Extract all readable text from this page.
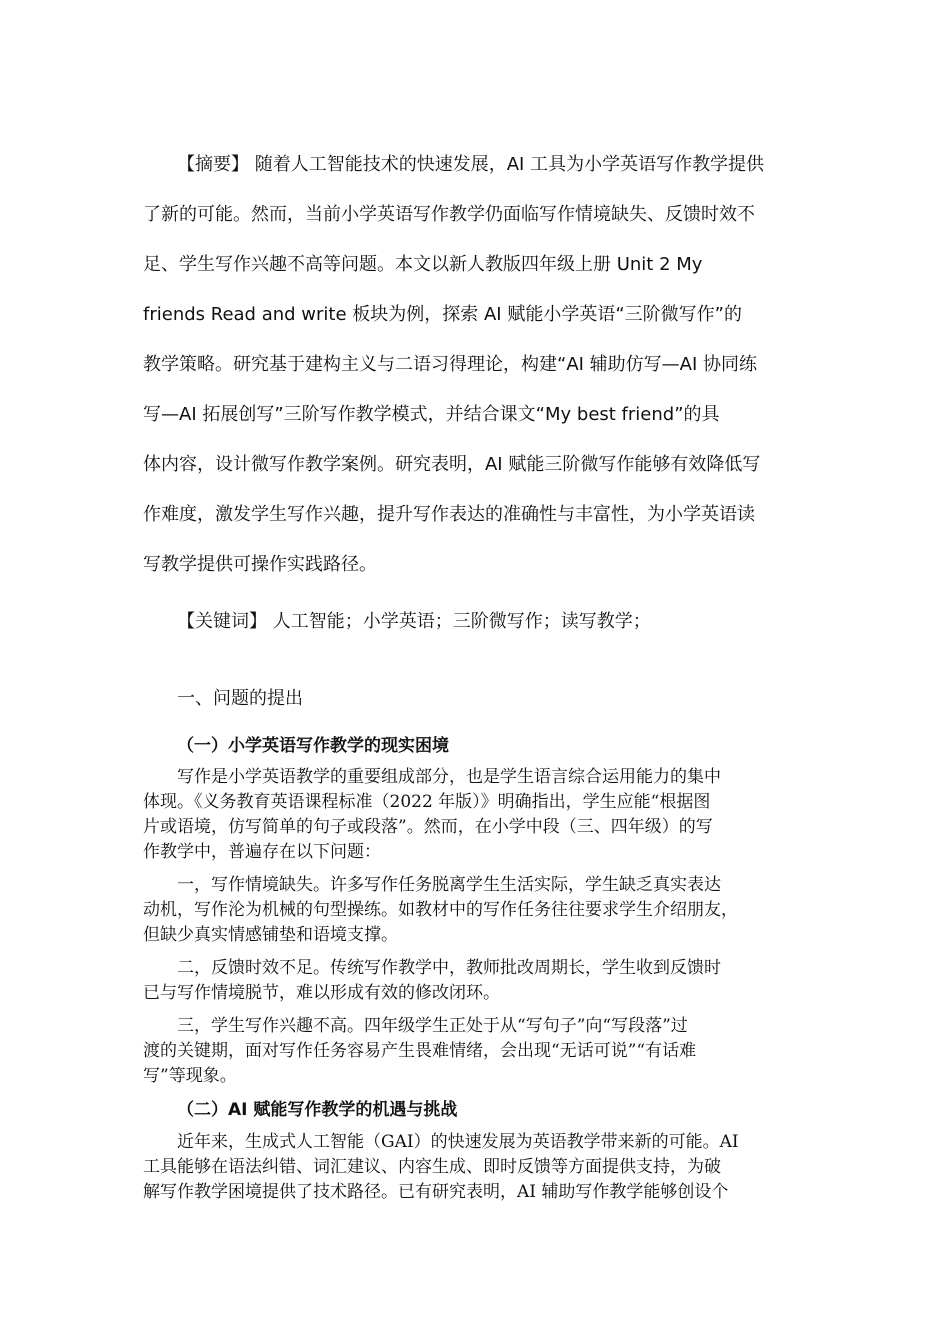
【摘要】 随着人工智能技术的快速发展，AI 工具为小学英语写作教学提供
了新的可能。然而，当前小学英语写作教学仍面临写作情境缺失、反馈时效不
足、学生写作兴趣不高等问题。本文以新人教版四年级上册 Unit 2 My
friends Read and write 板块为例，探索 AI 赋能小学英语“三阶微写作”的
教学策略。研究基于建构主义与二语习得理论，构建“AI 辅助仿写—AI 协同练
写—AI 拓展创写”三阶写作教学模式，并结合课文“My best friend”的具
体内容，设计微写作教学案例。研究表明，AI 赋能三阶微写作能够有效降低写
作难度，激发学生写作兴趣，提升写作表达的准确性与丰富性，为小学英语读
写教学提供可操作实践路径。
【关键词】 人工智能；小学英语；三阶微写作；读写教学；
一、问题的提出
（一）小学英语写作教学的现实困境
写作是小学英语教学的重要组成部分，也是学生语言综合运用能力的集中
体现。《义务教育英语课程标准（2022 年版）》明确指出，学生应能“根据图
片或语境，仿写简单的句子或段落”。然而，在小学中段（三、四年级）的写
作教学中，普遍存在以下问题：
一，写作情境缺失。许多写作任务脱离学生生活实际，学生缺乏真实表达
动机，写作沦为机械的句型操练。如教材中的写作任务往往要求学生介绍朋友，
但缺少真实情感铺垫和语境支撑。
二，反馈时效不足。传统写作教学中，教师批改周期长，学生收到反馈时
已与写作情境脱节，难以形成有效的修改闭环。
三，学生写作兴趣不高。四年级学生正处于从“写句子”向“写段落”过
渡的关键期，面对写作任务容易产生畏难情绪，会出现“无话可说”“有话难
写”等现象。
（二）AI 赋能写作教学的机遇与挑战
近年来，生成式人工智能（GAI）的快速发展为英语教学带来新的可能。AI
工具能够在语法纠错、词汇建议、内容生成、即时反馈等方面提供支持，为破
解写作教学困境提供了技术路径。已有研究表明，AI 辅助写作教学能够创设个
